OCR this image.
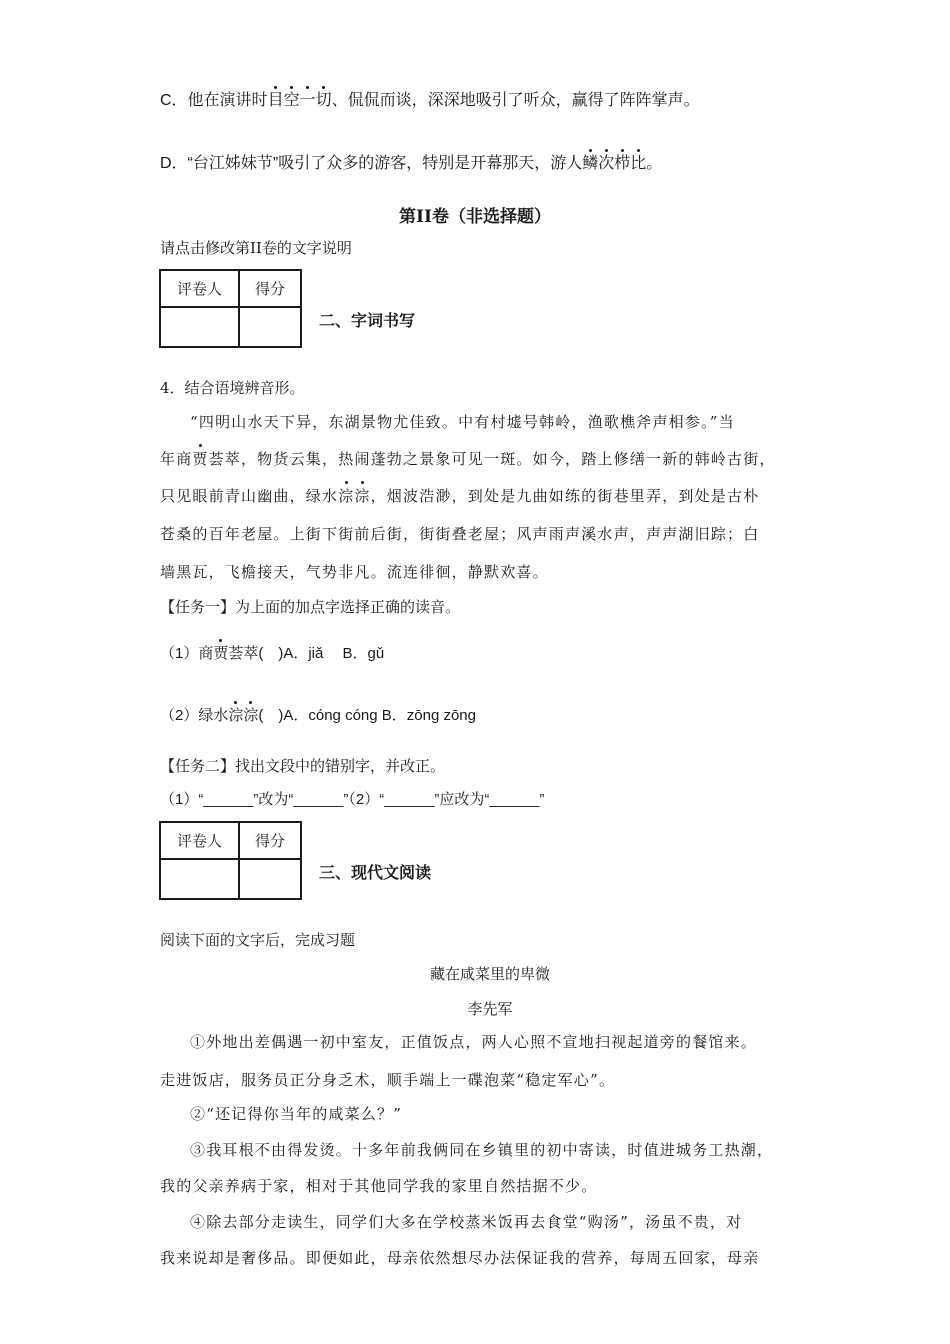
C．他在演讲时目空一切、侃侃而谈，深深地吸引了听众，赢得了阵阵掌声。
D．“台江姊妹节”吸引了众多的游客，特别是开幕那天，游人鳞次栉比。
第II卷（非选择题）
请点击修改第II卷的文字说明
评卷人	得分

二、字词书写
4．结合语境辨音形。
“四明山水天下异，东湖景物尤佳致。中有村墟号韩岭，渔歌樵斧声相参。”当
年商贾荟萃，物货云集，热闹蓬勃之景象可见一斑。如今，踏上修缮一新的韩岭古街，
只见眼前青山幽曲，绿水淙淙，烟波浩渺，到处是九曲如练的街巷里弄，到处是古朴
苍桑的百年老屋。上街下街前后街，街街叠老屋；风声雨声溪水声，声声湖旧踪；白
墙黑瓦，飞檐接天，气势非凡。流连徘徊，静默欢喜。
【任务一】为上面的加点字选择正确的读音。
（1）商贾荟萃(　)A．jiǎ　 B．gǔ
（2）绿水淙淙(　)A．cóng cóng B．zōng zōng
【任务二】找出文段中的错别字，并改正。
（1）“______”改为“______”（2）“______”应改为“______”
评卷人	得分

三、现代文阅读
阅读下面的文字后，完成习题
藏在咸菜里的卑微
李先军
①外地出差偶遇一初中室友，正值饭点，两人心照不宣地扫视起道旁的餐馆来。
走进饭店，服务员正分身乏术，顺手端上一碟泡菜“稳定军心”。
②“还记得你当年的咸菜么？”
③我耳根不由得发烫。十多年前我俩同在乡镇里的初中寄读，时值进城务工热潮，
我的父亲养病于家，相对于其他同学我的家里自然拮据不少。
④除去部分走读生，同学们大多在学校蒸米饭再去食堂“购汤”，汤虽不贵，对
我来说却是奢侈品。即便如此，母亲依然想尽办法保证我的营养，每周五回家，母亲
